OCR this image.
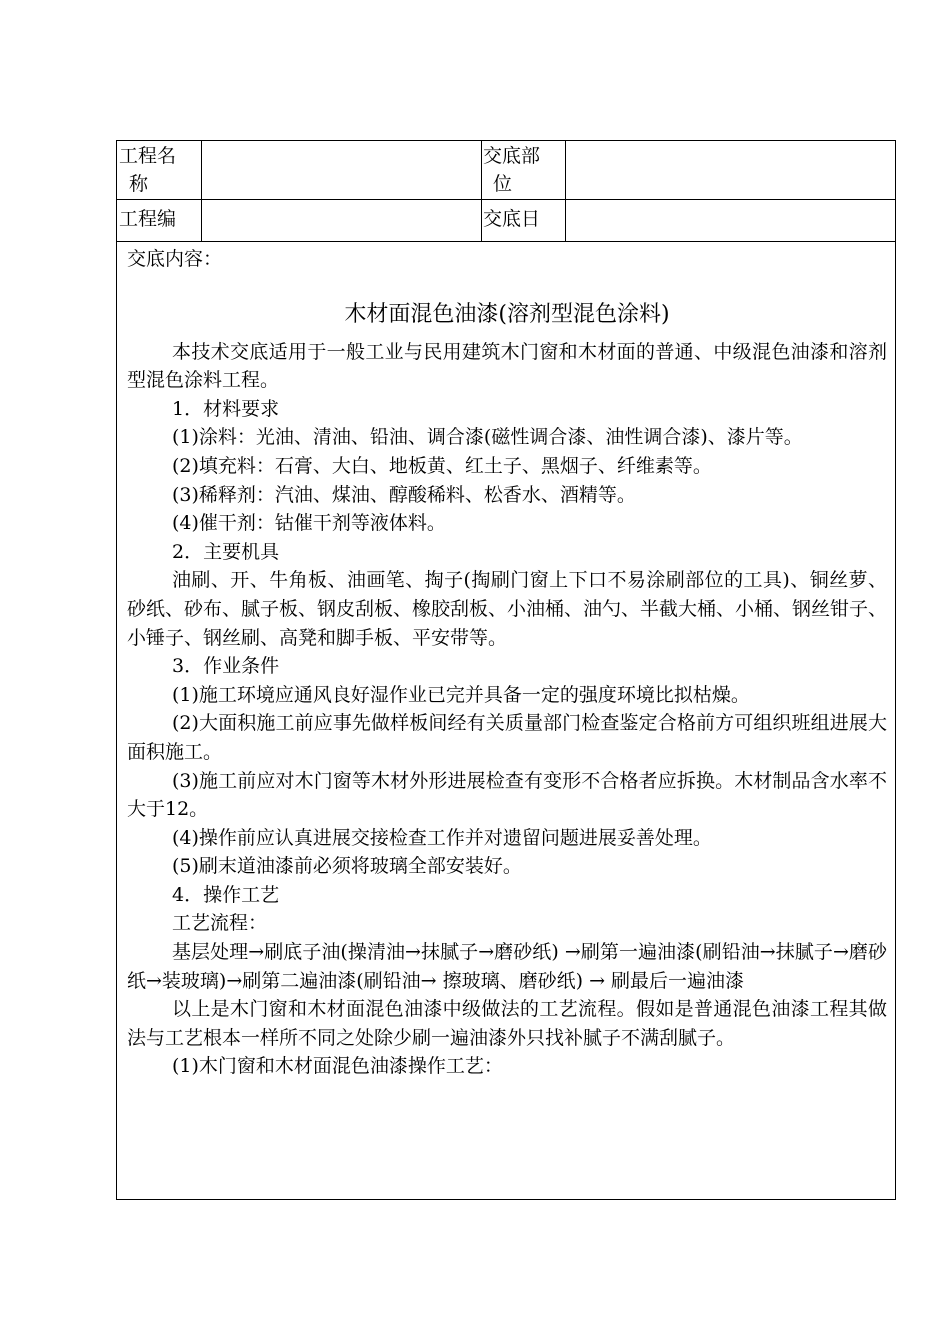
工程名
称
交底部
位
工程编	交底日

交底内容：

木材面混色油漆(溶剂型混色涂料)

本技术交底适用于一般工业与民用建筑木门窗和木材面的普通、中级混色油漆和溶剂型混色涂料工程。

1．材料要求

(1)涂料：光油、清油、铅油、调合漆(磁性调合漆、油性调合漆)、漆片等。

(2)填充料：石膏、大白、地板黄、红土子、黑烟子、纤维素等。

(3)稀释剂：汽油、煤油、醇酸稀料、松香水、酒精等。

(4)催干剂：钴催干剂等液体料。

2．主要机具

油刷、开、牛角板、油画笔、掏子(掏刷门窗上下口不易涂刷部位的工具)、铜丝萝、砂纸、砂布、腻子板、钢皮刮板、橡胶刮板、小油桶、油勺、半截大桶、小桶、钢丝钳子、小锤子、钢丝刷、高凳和脚手板、平安带等。

3．作业条件

(1)施工环境应通风良好湿作业已完并具备一定的强度环境比拟枯燥。

(2)大面积施工前应事先做样板间经有关质量部门检查鉴定合格前方可组织班组进展大面积施工。

(3)施工前应对木门窗等木材外形进展检查有变形不合格者应拆换。木材制品含水率不大于12。

(4)操作前应认真进展交接检查工作并对遗留问题进展妥善处理。

(5)刷末道油漆前必须将玻璃全部安装好。

4．操作工艺

工艺流程：

基层处理→刷底子油(操清油→抹腻子→磨砂纸) →刷第一遍油漆(刷铅油→抹腻子→磨砂纸→装玻璃)→刷第二遍油漆(刷铅油→ 擦玻璃、磨砂纸) → 刷最后一遍油漆

以上是木门窗和木材面混色油漆中级做法的工艺流程。假如是普通混色油漆工程其做法与工艺根本一样所不同之处除少刷一遍油漆外只找补腻子不满刮腻子。

(1)木门窗和木材面混色油漆操作工艺：
